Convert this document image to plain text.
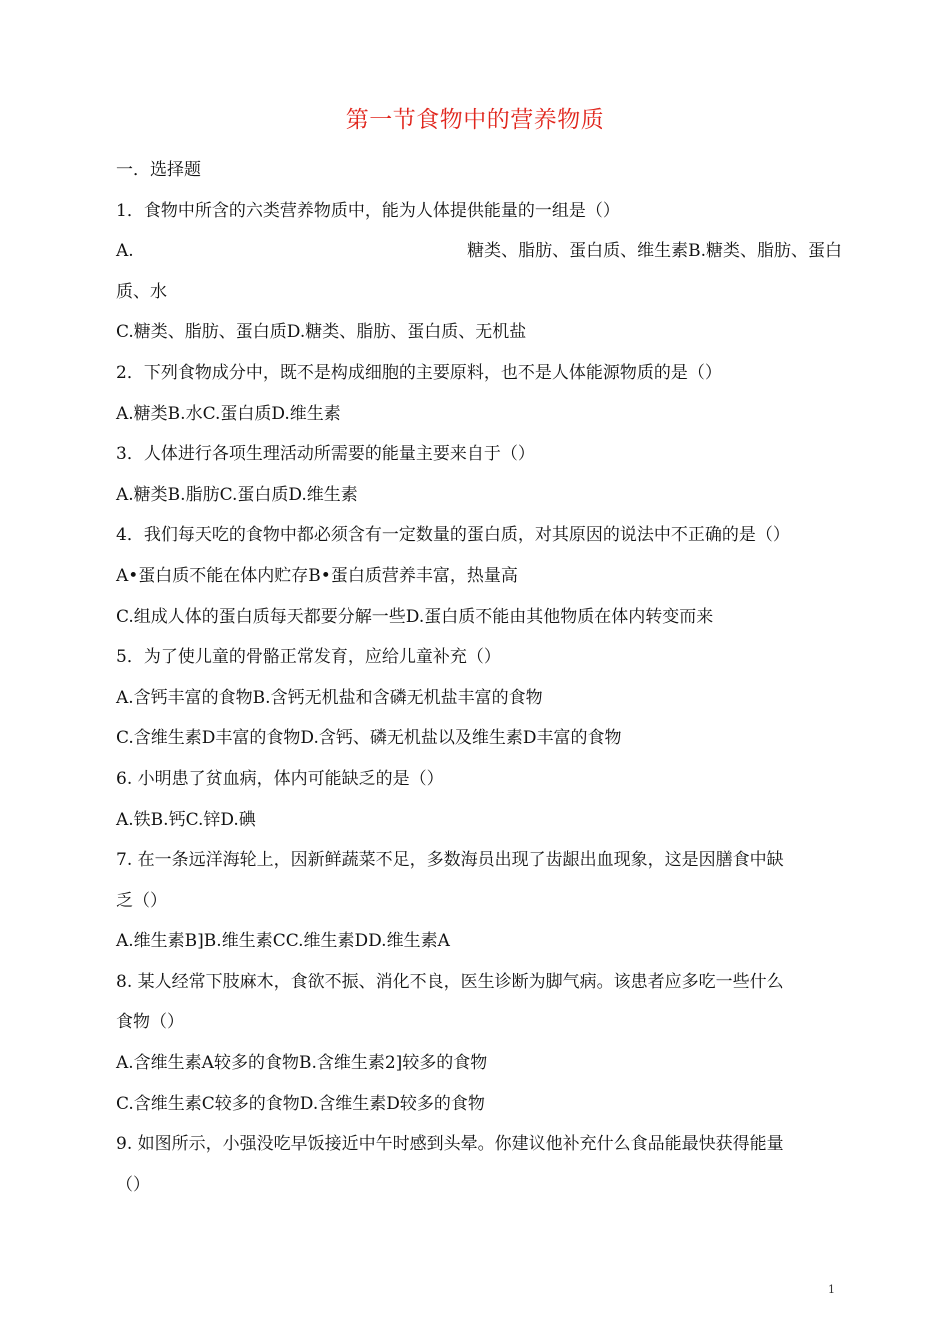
第一节食物中的营养物质
一．选择题
1．食物中所含的六类营养物质中，能为人体提供能量的一组是（）
A.	糖类、脂肪、蛋白质、维生素B.糖类、脂肪、蛋白
质、水
C.糖类、脂肪、蛋白质D.糖类、脂肪、蛋白质、无机盐
2．下列食物成分中，既不是构成细胞的主要原料，也不是人体能源物质的是（）
A.糖类B.水C.蛋白质D.维生素
3．人体进行各项生理活动所需要的能量主要来自于（）
A.糖类B.脂肪C.蛋白质D.维生素
4．我们每天吃的食物中都必须含有一定数量的蛋白质，对其原因的说法中不正确的是（）
A•蛋白质不能在体内贮存B•蛋白质营养丰富，热量高
C.组成人体的蛋白质每天都要分解一些D.蛋白质不能由其他物质在体内转变而来
5．为了使儿童的骨骼正常发育，应给儿童补充（）
A.含钙丰富的食物B.含钙无机盐和含磷无机盐丰富的食物
C.含维生素D丰富的食物D.含钙、磷无机盐以及维生素D丰富的食物
6. 小明患了贫血病，体内可能缺乏的是（）
A.铁B.钙C.锌D.碘
7. 在一条远洋海轮上，因新鲜蔬菜不足，多数海员出现了齿龈出血现象，这是因膳食中缺
乏（）
A.维生素B]B.维生素CC.维生素DD.维生素A
8. 某人经常下肢麻木，食欲不振、消化不良，医生诊断为脚气病。该患者应多吃一些什么
食物（）
A.含维生素A较多的食物B.含维生素2]较多的食物
C.含维生素C较多的食物D.含维生素D较多的食物
9. 如图所示，小强没吃早饭接近中午时感到头晕。你建议他补充什么食品能最快获得能量
（）
1
